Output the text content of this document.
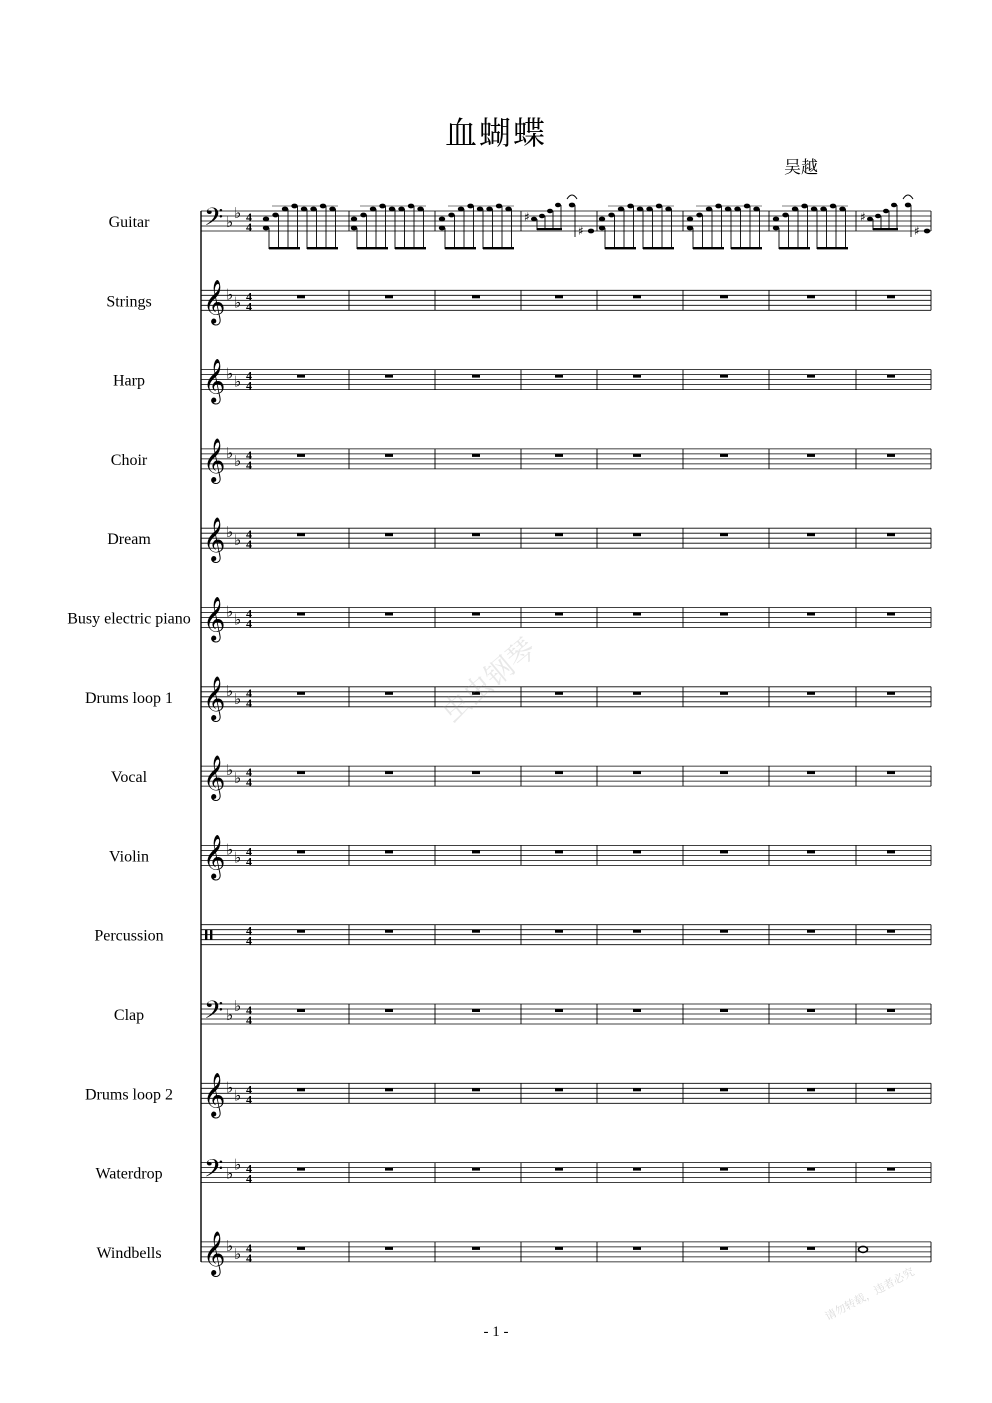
血蝴蝶
吴越
Guitar 𝄢 ♭ ♭ 4
4
♯
♯
♯
♯
Strings 𝄞 ♭ ♭ 4
4
Harp 𝄞 ♭ ♭ 4
4
Choir 𝄞 ♭ ♭ 4
4
Dream 𝄞 ♭ ♭ 4
4
Busy electric piano 𝄞 ♭ ♭ 4
4
Drums loop 1 𝄞 ♭ ♭ 4
4
Vocal 𝄞 ♭ ♭ 4
4
Violin 𝄞 ♭ ♭ 4
4
Percussion	4
4
Clap 𝄢 ♭ ♭ 4
4
Drums loop 2 𝄞 ♭ ♭ 4
4
Waterdrop 𝄢 ♭ ♭ 4
4
Windbells 𝄞 ♭ ♭ 4
4
虫虫钢琴
请勿转载，违者必究
- 1 -
